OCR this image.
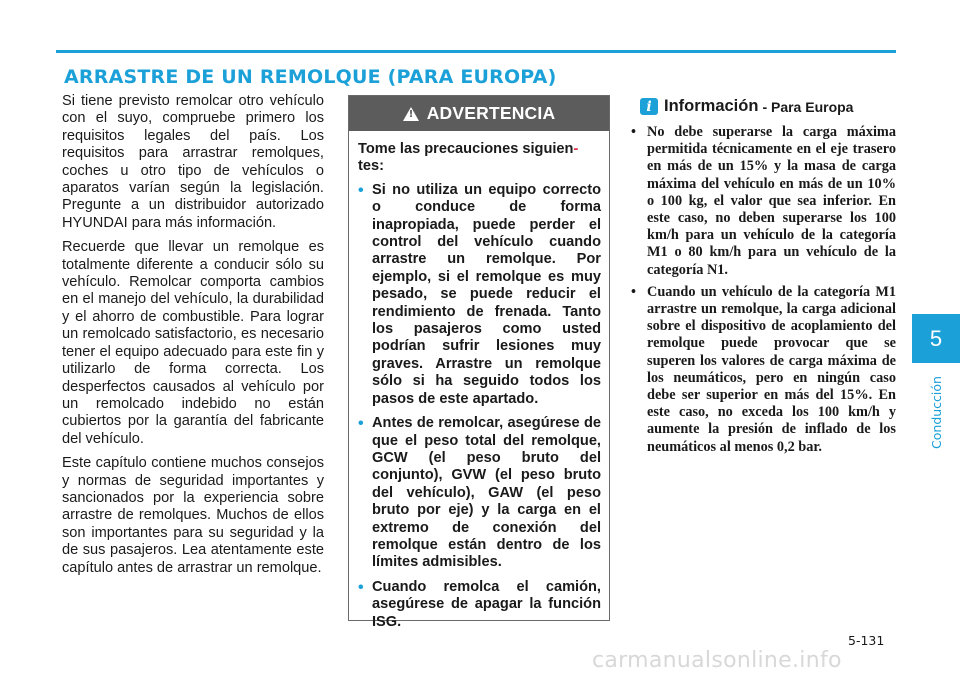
ARRASTRE DE UN REMOLQUE (PARA EUROPA)

Si tiene previsto remolcar otro vehículo con el suyo, compruebe primero los requisitos legales del país. Los requisitos para arrastrar remolques, coches u otro tipo de vehículos o aparatos varían según la legislación. Pregunte a un distribuidor autorizado HYUNDAI para más información.

Recuerde que llevar un remolque es totalmente diferente a conducir sólo su vehículo. Remolcar comporta cambios en el manejo del vehículo, la durabilidad y el ahorro de combustible. Para lograr un remolcado satisfactorio, es necesario tener el equipo adecuado para este fin y utilizarlo de forma correcta. Los desperfectos causados al vehículo por un remolcado indebido no están cubiertos por la garantía del fabricante del vehículo.

Este capítulo contiene muchos consejos y normas de seguridad importantes y sancionados por la experiencia sobre arrastre de remolques. Muchos de ellos son importantes para su seguridad y la de sus pasajeros. Lea atentamente este capítulo antes de arrastrar un remolque.

!
ADVERTENCIA

Tome las precauciones siguien-
tes:

• Si no utiliza un equipo correcto o conduce de forma inapropiada, puede perder el control del vehículo cuando arrastre un remolque. Por ejemplo, si el remolque es muy pesado, se puede reducir el rendimiento de frenada. Tanto los pasajeros como usted podrían sufrir lesiones muy graves. Arrastre un remolque sólo si ha seguido todos los pasos de este apartado.
• Antes de remolcar, asegúrese de que el peso total del remolque, GCW (el peso bruto del conjunto), GVW (el peso bruto del vehículo), GAW (el peso bruto por eje) y la carga en el extremo de conexión del remolque están dentro de los límites admisibles.
• Cuando remolca el camión, asegúrese de apagar la función ISG.
i Información - Para Europa
• No debe superarse la carga máxima permitida técnicamente en el eje trasero en más de un 15% y la masa de carga máxima del vehículo en más de un 10% o 100 kg, el valor que sea inferior. En este caso, no deben superarse los 100 km/h para un vehículo de la categoría M1 o 80 km/h para un vehículo de la categoría N1.
• Cuando un vehículo de la categoría M1 arrastre un remolque, la carga adicional sobre el dispositivo de acoplamiento del remolque puede provocar que se superen los valores de carga máxima de los neumáticos, pero en ningún caso debe ser superior en más del 15%. En este caso, no exceda los 100 km/h y aumente la presión de inflado de los neumáticos al menos 0,2 bar.
5
Conducción
5-131
carmanualsonline.info
